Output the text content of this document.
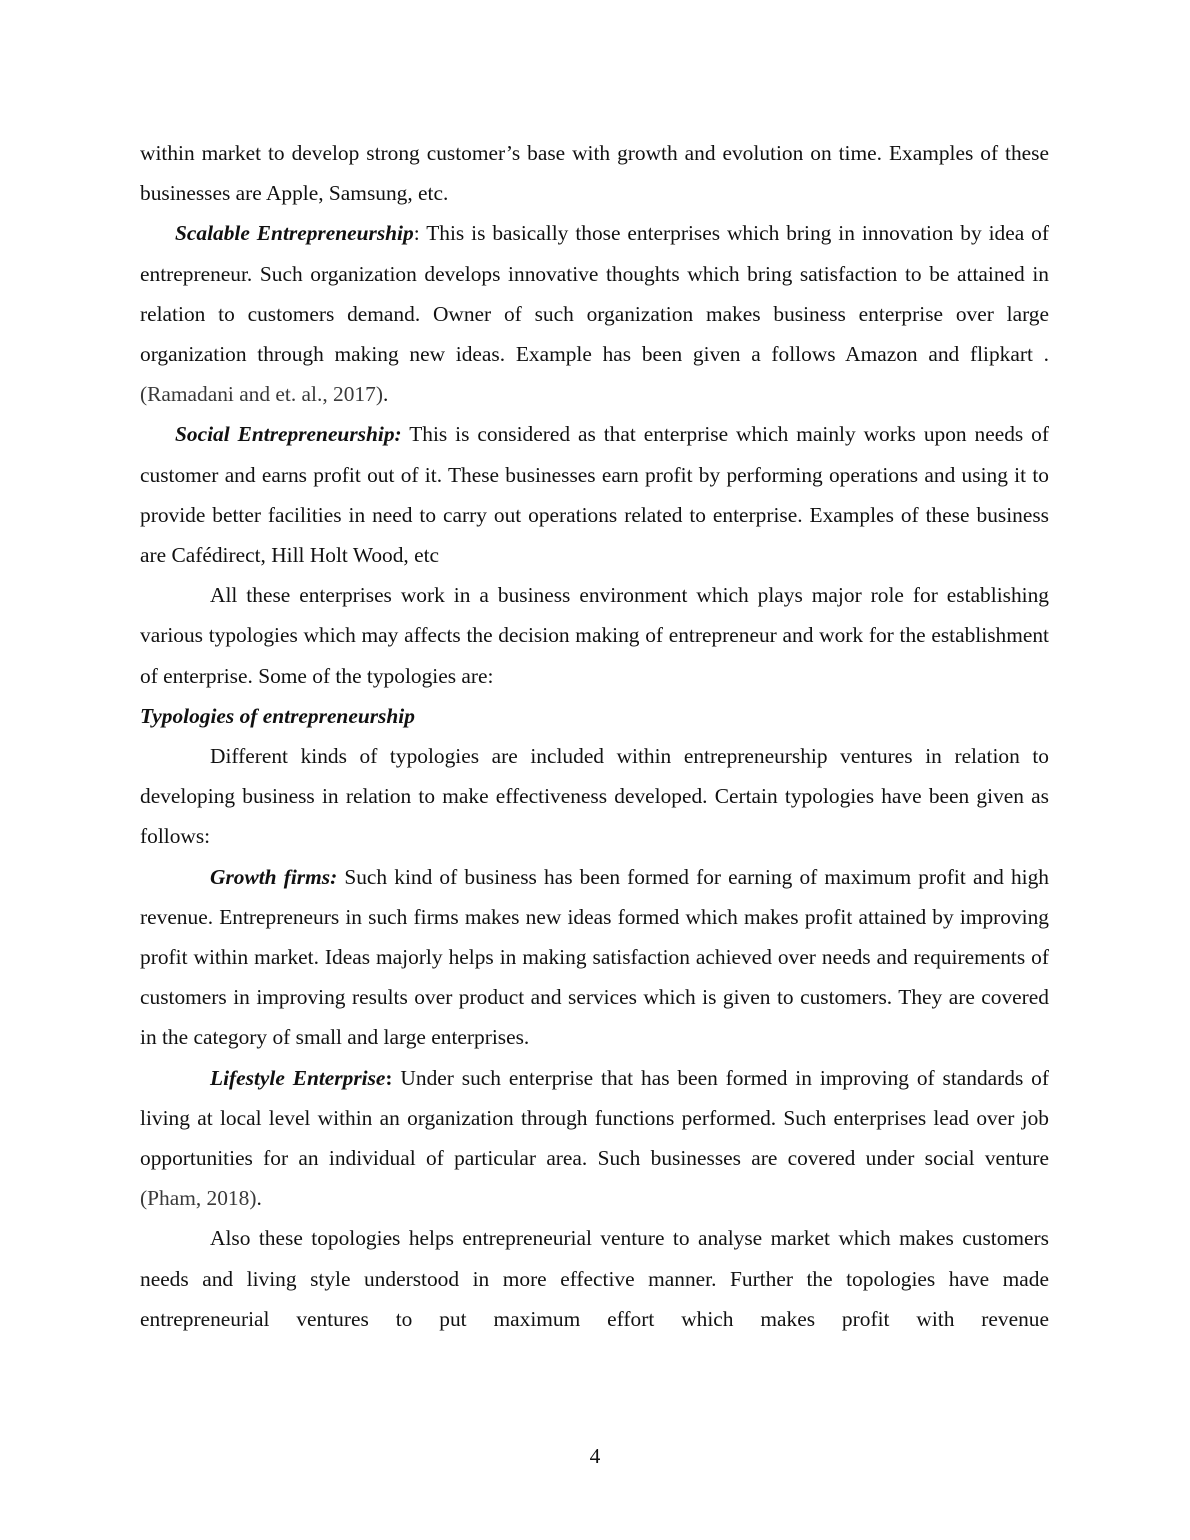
within market to develop strong customer’s base with growth and evolution on time. Examples of these businesses are Apple, Samsung, etc.

Scalable Entrepreneurship: This is basically those enterprises which bring in innovation by idea of entrepreneur. Such organization develops innovative thoughts which bring satisfaction to be attained in relation to customers demand. Owner of such organization makes business enterprise over large organization through making new ideas. Example has been given a follows Amazon and flipkart .(Ramadani and et. al., 2017).

Social Entrepreneurship: This is considered as that enterprise which mainly works upon needs of customer and earns profit out of it. These businesses earn profit by performing operations and using it to provide better facilities in need to carry out operations related to enterprise. Examples of these business are Cafédirect, Hill Holt Wood, etc

All these enterprises work in a business environment which plays major role for establishing various typologies which may affects the decision making of entrepreneur and work for the establishment of enterprise. Some of the typologies are:

Typologies of entrepreneurship

Different kinds of typologies are included within entrepreneurship ventures in relation to developing business in relation to make effectiveness developed. Certain typologies have been given as follows:

Growth firms: Such kind of business has been formed for earning of maximum profit and high revenue. Entrepreneurs in such firms makes new ideas formed which makes profit attained by improving profit within market. Ideas majorly helps in making satisfaction achieved over needs and requirements of customers in improving results over product and services which is given to customers. They are covered in the category of small and large enterprises.

Lifestyle Enterprise: Under such enterprise that has been formed in improving of standards of living at local level within an organization through functions performed. Such enterprises lead over job opportunities for an individual of particular area. Such businesses are covered under social venture (Pham, 2018).

Also these topologies helps entrepreneurial venture to analyse market which makes customers needs and living style understood in more effective manner. Further the topologies have made entrepreneurial ventures to put maximum effort which makes profit with revenue

4
